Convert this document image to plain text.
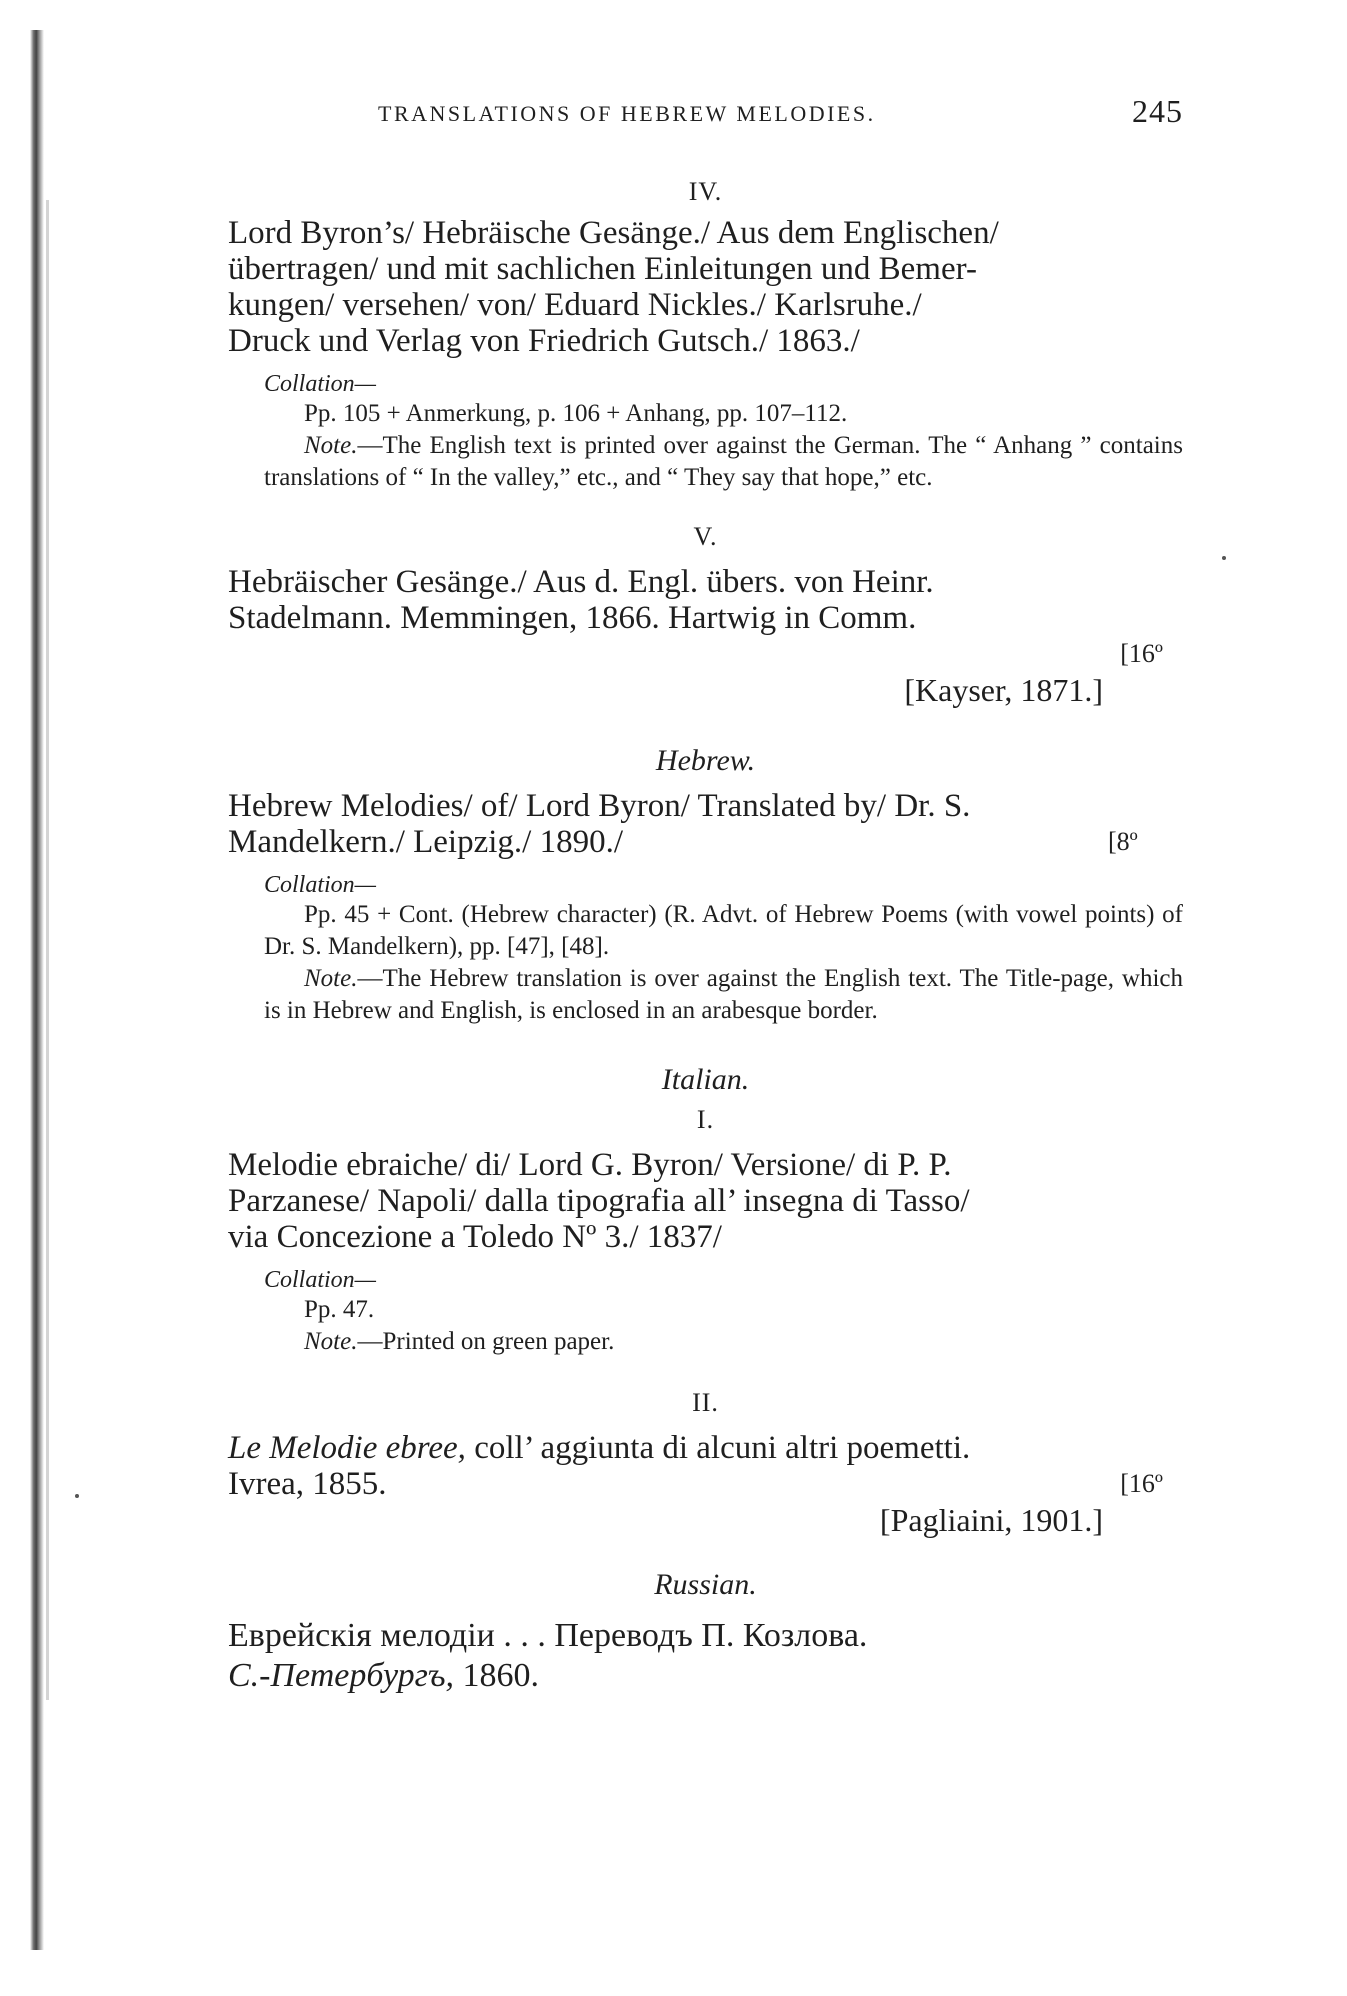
TRANSLATIONS OF HEBREW MELODIES.	245
IV.
Lord Byron’s/ Hebräische Gesänge./ Aus dem Englischen/
übertragen/ und mit sachlichen Einleitungen und Bemer-
kungen/ versehen/ von/ Eduard Nickles./ Karlsruhe./
Druck und Verlag von Friedrich Gutsch./ 1863./
Collation—
Pp. 105 + Anmerkung, p. 106 + Anhang, pp. 107–112.
Note.—The English text is printed over against the German. The “ Anhang ” contains translations of “ In the valley,” etc., and “ They say that hope,” etc.
V.
Hebräischer Gesänge./ Aus d. Engl. übers. von Heinr.
Stadelmann. Memmingen, 1866. Hartwig in Comm.
[16º
[Kayser, 1871.]
Hebrew.
Hebrew Melodies/ of/ Lord Byron/ Translated by/ Dr. S.
Mandelkern./ Leipzig./ 1890./	[8º
Collation—
Pp. 45 + Cont. (Hebrew character) (R. Advt. of Hebrew Poems (with vowel points) of Dr. S. Mandelkern), pp. [47], [48].
Note.—The Hebrew translation is over against the English text. The Title-page, which is in Hebrew and English, is enclosed in an arabesque border.
Italian.
I.
Melodie ebraiche/ di/ Lord G. Byron/ Versione/ di P. P.
Parzanese/ Napoli/ dalla tipografia all’ insegna di Tasso/
via Concezione a Toledo Nº 3./ 1837/
Collation—
Pp. 47.
Note.—Printed on green paper.
II.
Le Melodie ebree, coll’ aggiunta di alcuni altri poemetti.
Ivrea, 1855.	[16º
[Pagliaini, 1901.]
Russian.
Еврейскія мелодіи . . . Переводъ П. Козлова.
С.-Петербургъ, 1860.
